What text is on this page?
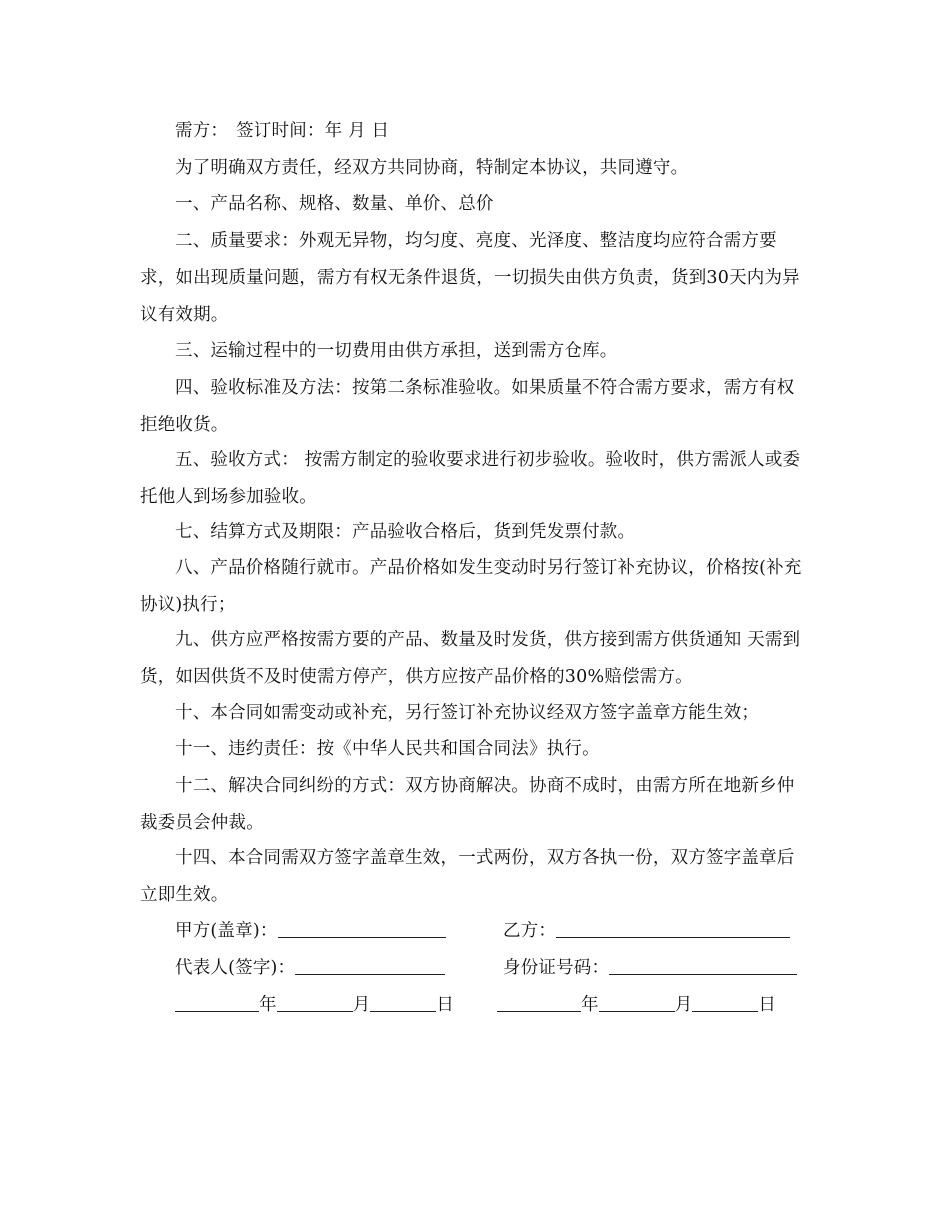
需方： 签订时间：年 月 日
为了明确双方责任，经双方共同协商，特制定本协议，共同遵守。
一、产品名称、规格、数量、单价、总价
二、质量要求：外观无异物，均匀度、亮度、光泽度、整洁度均应符合需方要求，如出现质量问题，需方有权无条件退货，一切损失由供方负责，货到30天内为异议有效期。
三、运输过程中的一切费用由供方承担，送到需方仓库。
四、验收标准及方法：按第二条标准验收。如果质量不符合需方要求，需方有权拒绝收货。
五、验收方式： 按需方制定的验收要求进行初步验收。验收时，供方需派人或委托他人到场参加验收。
七、结算方式及期限：产品验收合格后，货到凭发票付款。
八、产品价格随行就市。产品价格如发生变动时另行签订补充协议，价格按(补充协议)执行；
九、供方应严格按需方要的产品、数量及时发货，供方接到需方供货通知 天需到货，如因供货不及时使需方停产，供方应按产品价格的30%赔偿需方。
十、本合同如需变动或补充，另行签订补充协议经双方签字盖章方能生效；
十一、违约责任：按《中华人民共和国合同法》执行。
十二、解决合同纠纷的方式：双方协商解决。协商不成时，由需方所在地新乡仲裁委员会仲裁。
十四、本合同需双方签字盖章生效，一式两份，双方各执一份，双方签字盖章后立即生效。
甲方(盖章)：	乙方：
代表人(签字)：	身份证号码：
年	月	日	年	月	日
